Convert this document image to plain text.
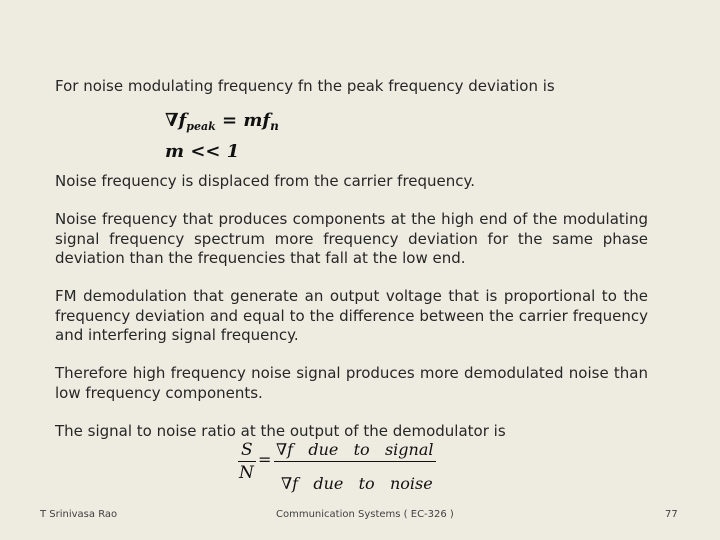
For noise modulating frequency fn the peak frequency deviation is

$\nabla f_{peak} = mf_n$
m << 1

Noise frequency is displaced from the carrier frequency.

Noise frequency that produces components at the high end of the modulating signal frequency spectrum more frequency deviation for the same phase deviation than the frequencies that fall at the low end.

FM demodulation that generate an output voltage that is proportional to the frequency deviation and equal to the difference between the carrier frequency and interfering signal frequency.

Therefore high frequency noise signal produces more demodulated noise than low frequency components.

The signal to noise ratio at the output of the demodulator is

S
N
=
∇f   due   to   signal
∇f   due   to   noise
T Srinivasa Rao	Communication Systems ( EC-326 )	77
